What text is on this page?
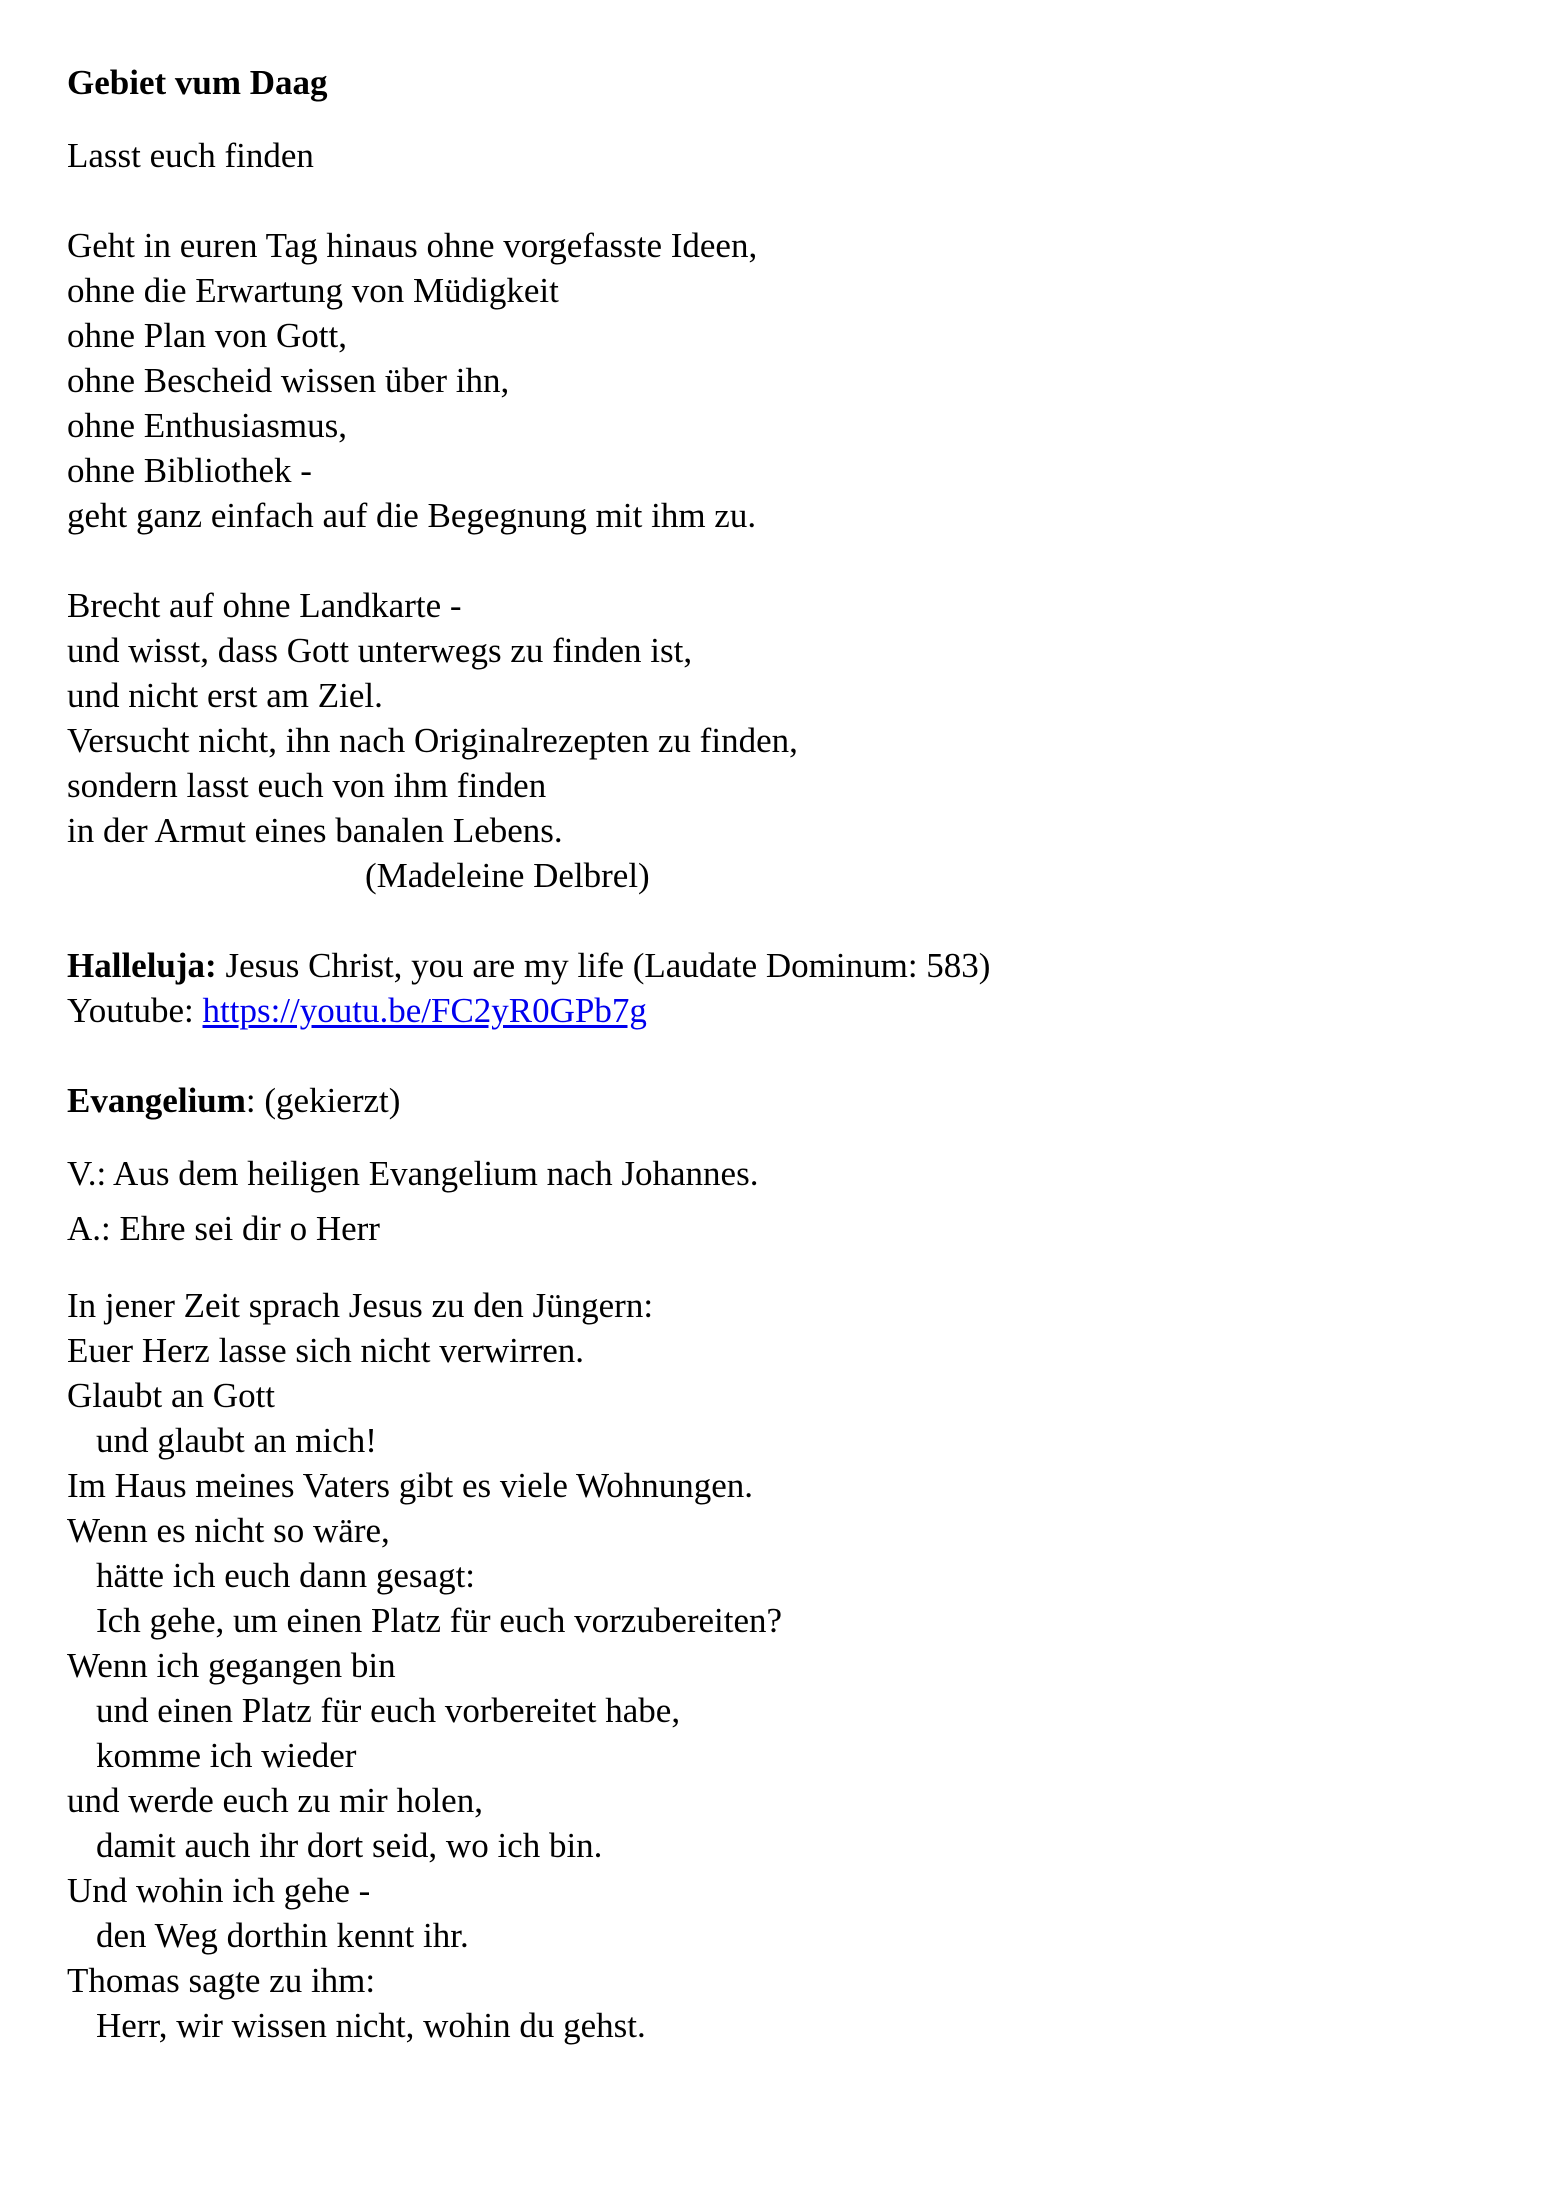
Gebiet vum Daag
Lasst euch finden
Geht in euren Tag hinaus ohne vorgefasste Ideen,
ohne die Erwartung von Müdigkeit
ohne Plan von Gott,
ohne Bescheid wissen über ihn,
ohne Enthusiasmus,
ohne Bibliothek -
geht ganz einfach auf die Begegnung mit ihm zu.
Brecht auf ohne Landkarte -
und wisst, dass Gott unterwegs zu finden ist,
und nicht erst am Ziel.
Versucht nicht, ihn nach Originalrezepten zu finden,
sondern lasst euch von ihm finden
in der Armut eines banalen Lebens.
(Madeleine Delbrel)
Halleluja: Jesus Christ, you are my life (Laudate Dominum: 583)
Youtube: https://youtu.be/FC2yR0GPb7g
Evangelium: (gekierzt)
V.: Aus dem heiligen Evangelium nach Johannes.
A.: Ehre sei dir o Herr
In jener Zeit sprach Jesus zu den Jüngern:
Euer Herz lasse sich nicht verwirren.
Glaubt an Gott
und glaubt an mich!
Im Haus meines Vaters gibt es viele Wohnungen.
Wenn es nicht so wäre,
hätte ich euch dann gesagt:
Ich gehe, um einen Platz für euch vorzubereiten?
Wenn ich gegangen bin
und einen Platz für euch vorbereitet habe,
komme ich wieder
und werde euch zu mir holen,
damit auch ihr dort seid, wo ich bin.
Und wohin ich gehe -
den Weg dorthin kennt ihr.
Thomas sagte zu ihm:
Herr, wir wissen nicht, wohin du gehst.
